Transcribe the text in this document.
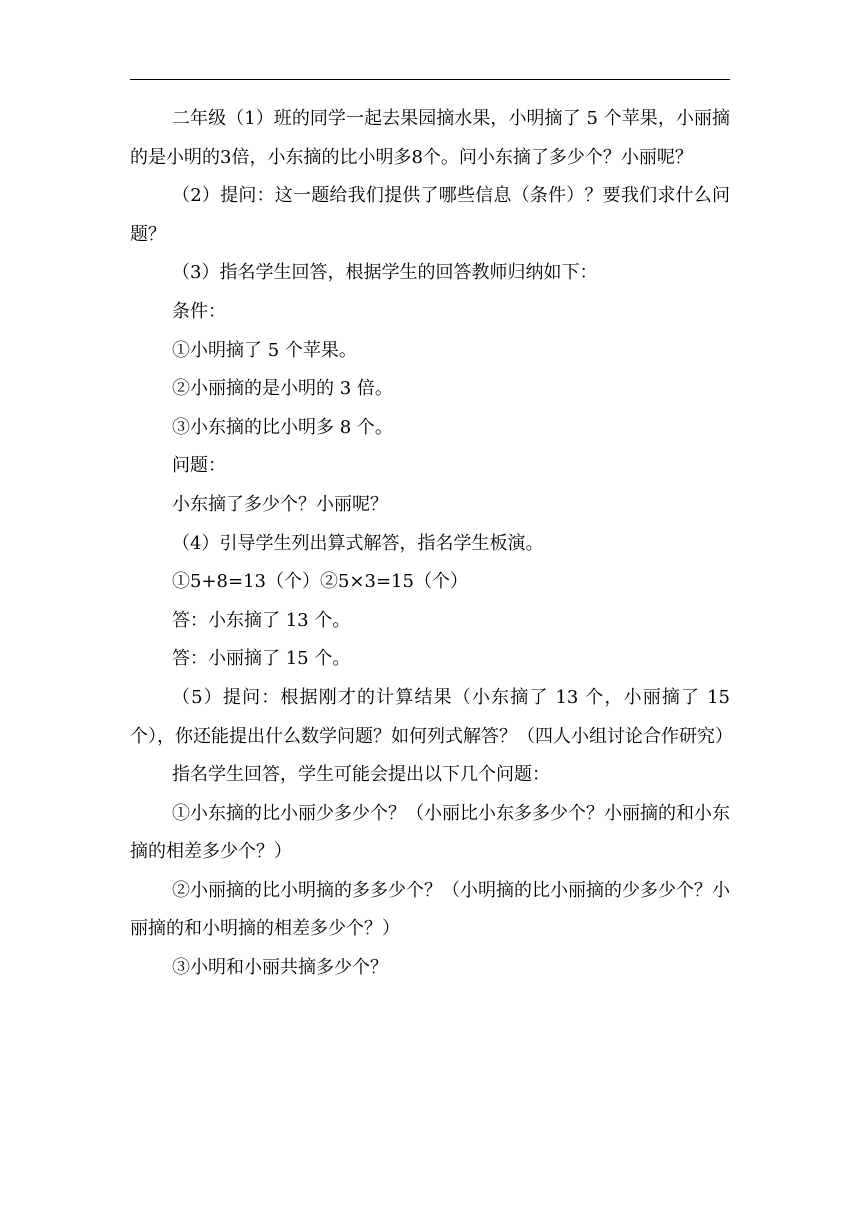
二年级（1）班的同学一起去果园摘水果，小明摘了 5 个苹果，小丽摘的是小明的3倍，小东摘的比小明多8个。问小东摘了多少个？小丽呢？

（2）提问：这一题给我们提供了哪些信息（条件）？要我们求什么问题？

（3）指名学生回答，根据学生的回答教师归纳如下：

条件：

①小明摘了 5 个苹果。

②小丽摘的是小明的 3 倍。

③小东摘的比小明多 8 个。

问题：

小东摘了多少个？小丽呢？

（4）引导学生列出算式解答，指名学生板演。

①5+8=13（个）②5×3=15（个）

答：小东摘了 13 个。

答：小丽摘了 15 个。

（5）提问：根据刚才的计算结果（小东摘了 13 个，小丽摘了 15 个），你还能提出什么数学问题？如何列式解答？（四人小组讨论合作研究）

指名学生回答，学生可能会提出以下几个问题：

①小东摘的比小丽少多少个？（小丽比小东多多少个？小丽摘的和小东摘的相差多少个？）

②小丽摘的比小明摘的多多少个？（小明摘的比小丽摘的少多少个？小丽摘的和小明摘的相差多少个？）

③小明和小丽共摘多少个？
